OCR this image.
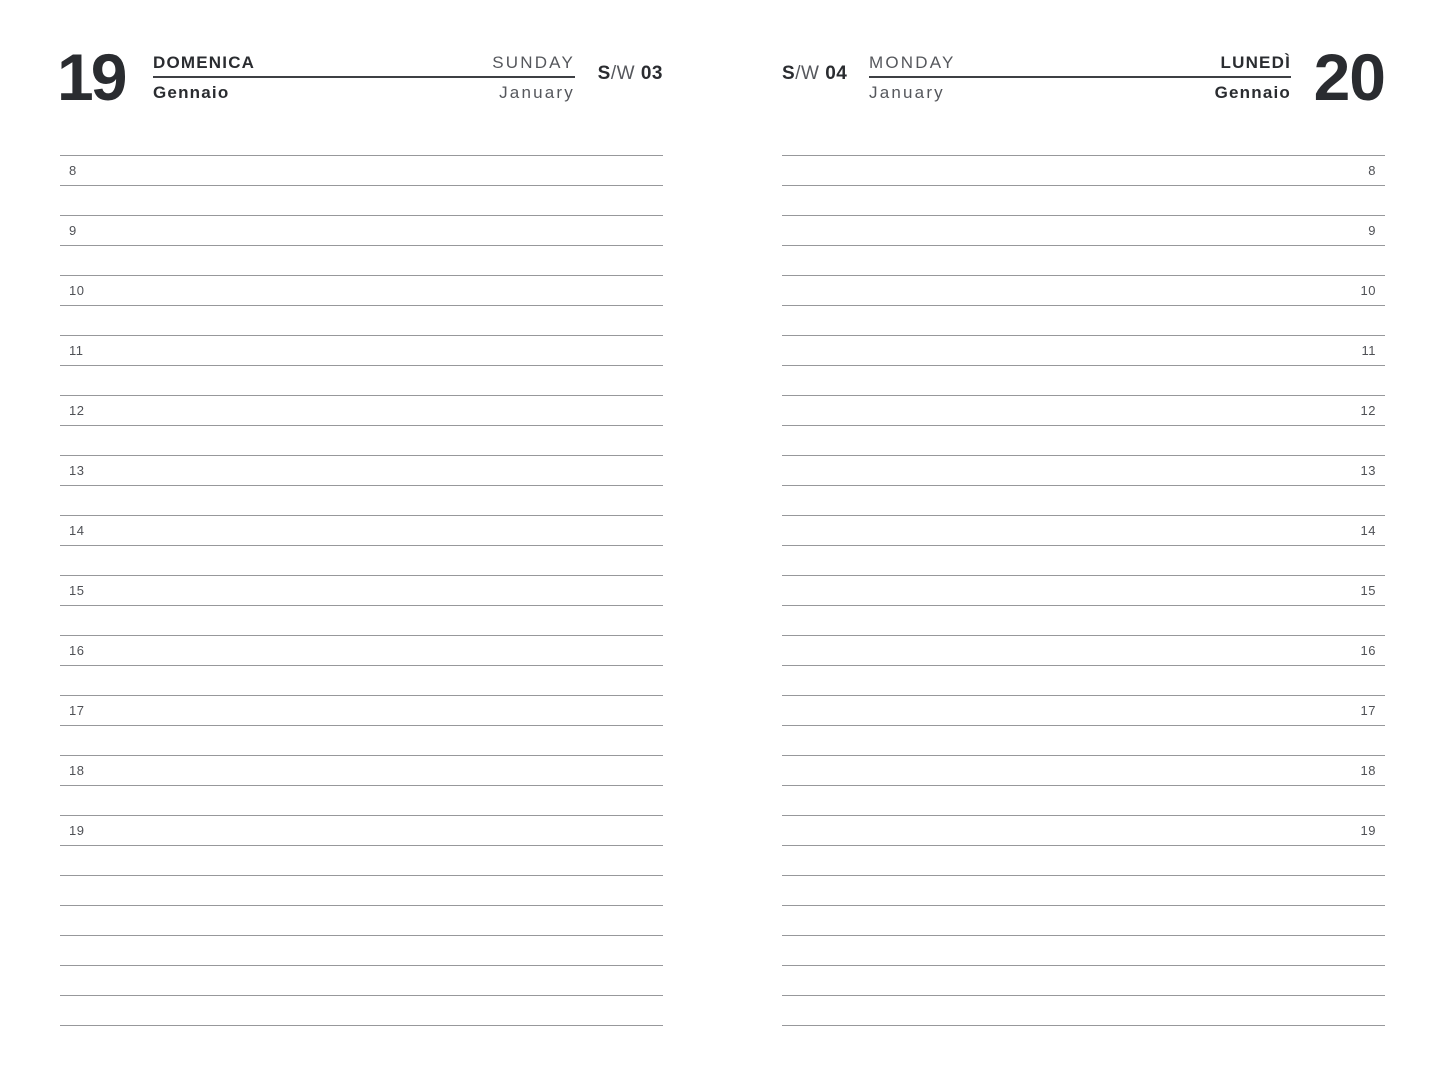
19 DOMENICA	SUNDAY
Gennaio	January
S/W 03
8
9
10
11
12
13
14
15
16
17
18
19
S/W 04
MONDAY	LUNEDÌ
January	Gennaio 20
8
9
10
11
12
13
14
15
16
17
18
19
